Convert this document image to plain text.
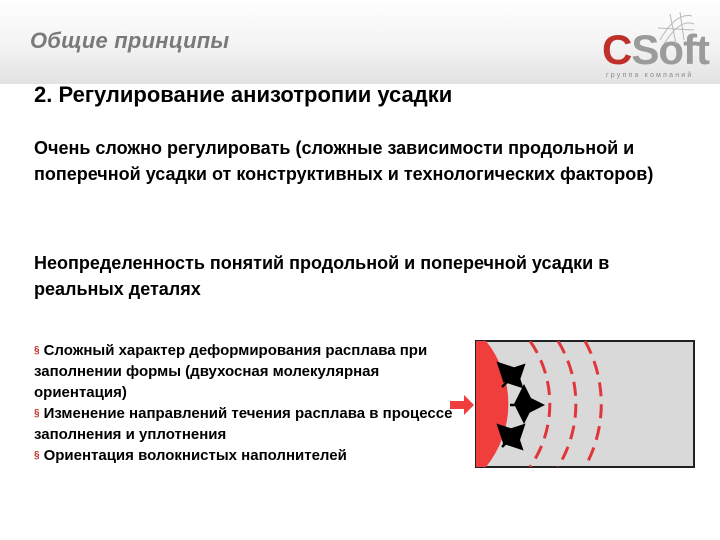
Общие принципы	CSoft
группа компаний
2. Регулирование анизотропии усадки
Очень сложно регулировать (сложные зависимости продольной и поперечной усадки от конструктивных и технологических факторов)
Неопределенность понятий продольной и поперечной усадки в реальных деталях
§ Сложный характер деформирования расплава при заполнении формы (двухосная молекулярная ориентация)
§ Изменение направлений течения расплава в процессе заполнения и уплотнения
§ Ориентация волокнистых наполнителей
